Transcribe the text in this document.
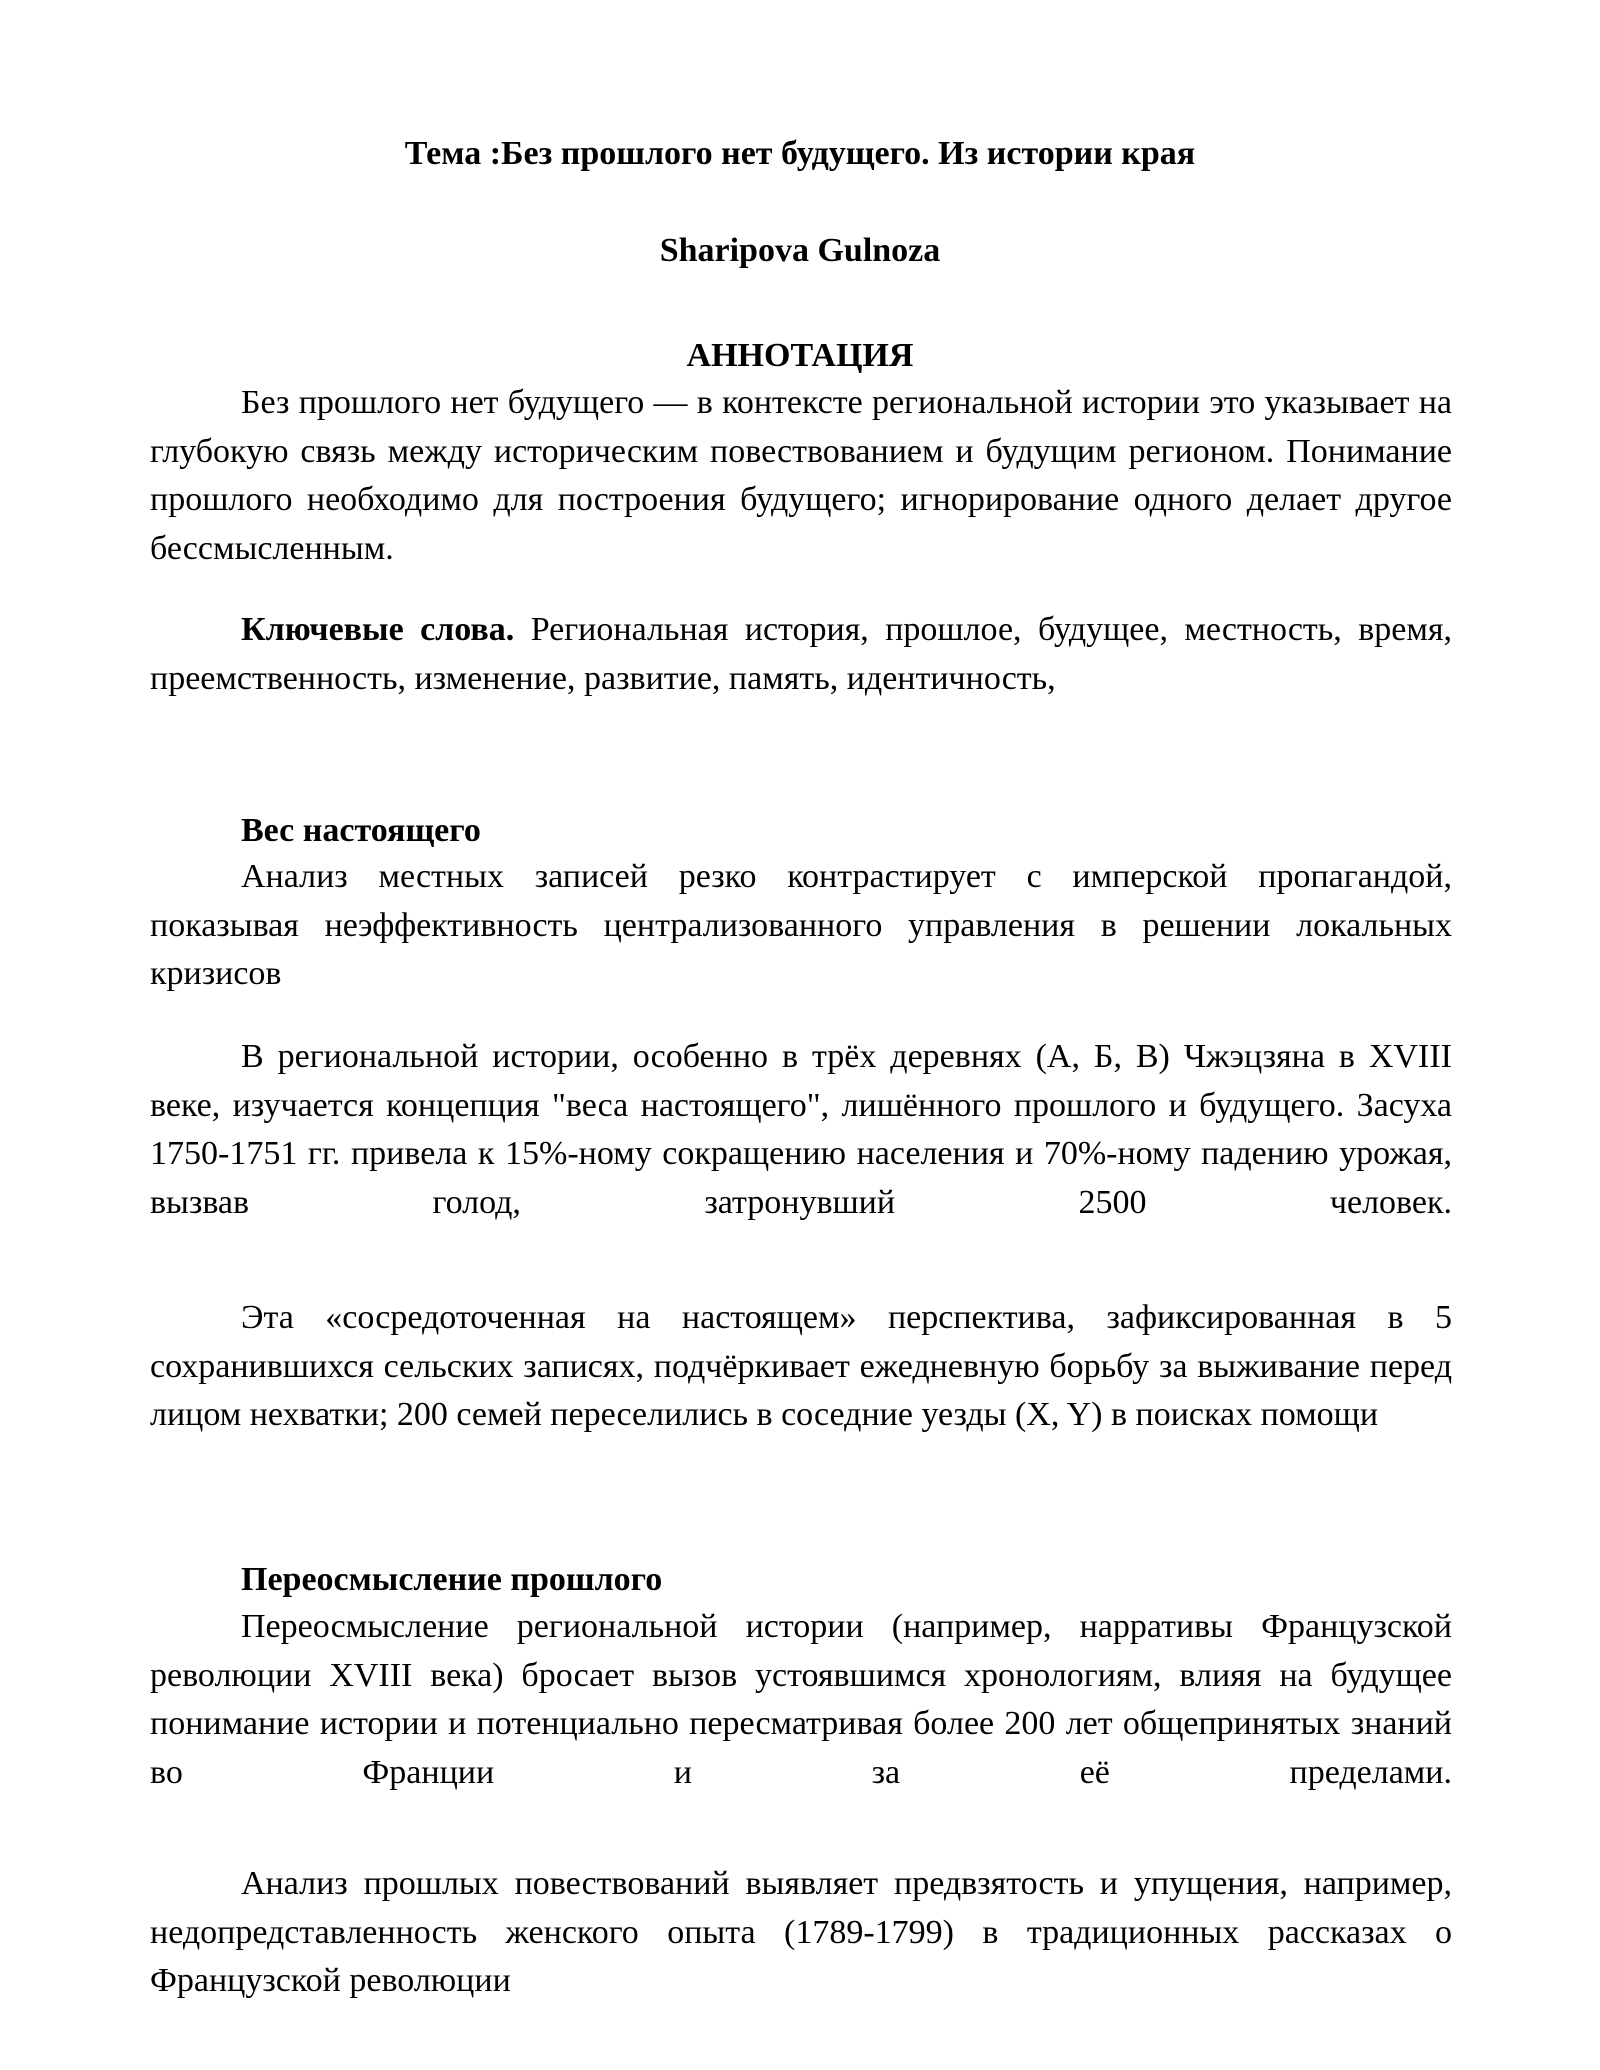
Тема :Без прошлого нет будущего. Из истории края

Sharipova Gulnoza

АННОТАЦИЯ

Без прошлого нет будущего — в контексте региональной истории это указывает на глубокую связь между историческим повествованием и будущим регионом. Понимание прошлого необходимо для построения будущего; игнорирование одного делает другое бессмысленным.

Ключевые слова. Региональная история, прошлое, будущее, местность, время, преемственность, изменение, развитие, память, идентичность,

Вес настоящего

Анализ местных записей резко контрастирует с имперской пропагандой, показывая неэффективность централизованного управления в решении локальных кризисов

В региональной истории, особенно в трёх деревнях (А, Б, В) Чжэцзяна в XVIII веке, изучается концепция "веса настоящего", лишённого прошлого и будущего. Засуха 1750-1751 гг. привела к 15%-ному сокращению населения и 70%-ному падению урожая, вызвав голод, затронувший 2500 человек.

Эта «сосредоточенная на настоящем» перспектива, зафиксированная в 5 сохранившихся сельских записях, подчёркивает ежедневную борьбу за выживание перед лицом нехватки; 200 семей переселились в соседние уезды (X, Y) в поисках помощи

Переосмысление прошлого

Переосмысление региональной истории (например, нарративы Французской революции XVIII века) бросает вызов устоявшимся хронологиям, влияя на будущее понимание истории и потенциально пересматривая более 200 лет общепринятых знаний во Франции и за её пределами.

Анализ прошлых повествований выявляет предвзятость и упущения, например, недопредставленность женского опыта (1789-1799) в традиционных рассказах о Французской революции
